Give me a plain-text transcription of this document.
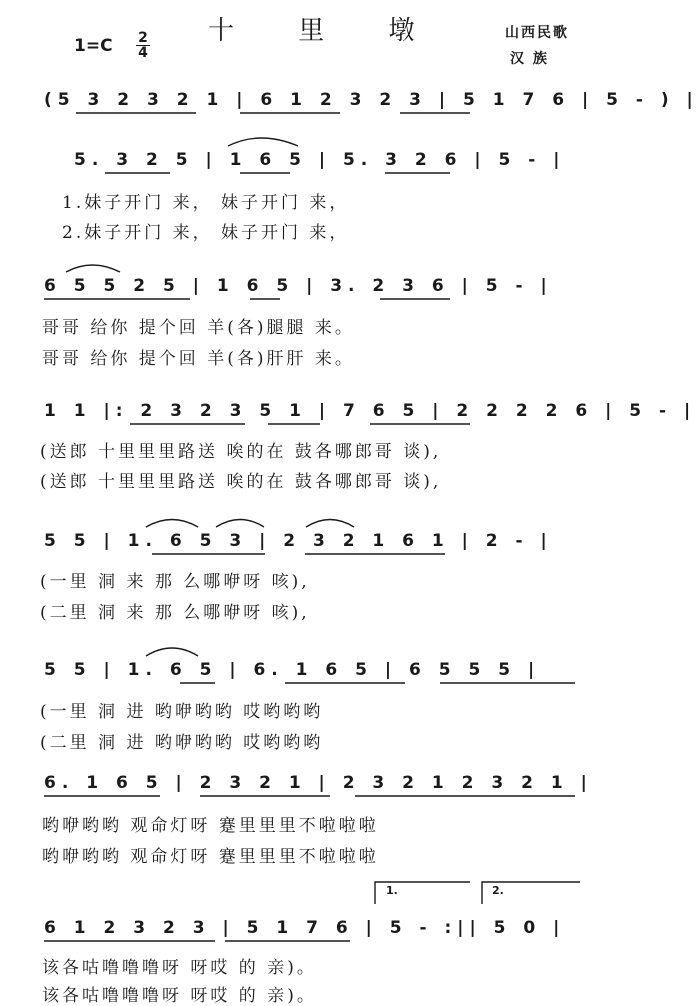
十 里 墩
$1=C \frac{2}{4}$	山西民歌
汉 族
(5 3 2 3 2 1 | 6 1 2 3 2 3 | 5 1 7 6 | 5 - ) |
5. 3 2 5 | 1 6 5 | 5. 3 2 6 | 5 - |
1.妹子开门 来， 妹子开门 来，
2.妹子开门 来， 妹子开门 来，
6 5 5 2 5 | 1 6 5 | 3. 2 3 6 | 5 - |
哥哥 给你 提个回 羊(各)腿腿 来。
哥哥 给你 提个回 羊(各)肝肝 来。
1 1 |: 2 3 2 3 5 1 | 7 6 5 | 2 2 2 2 6 | 5 - |
(送郎 十里里里路送 唉的在 鼓各哪郎哥 谈),
(送郎 十里里里路送 唉的在 鼓各哪郎哥 谈),
5 5 | 1. 6 5 3 | 2 3 2 1 6 1 | 2 - |
(一里 洞 来 那 么哪咿呀 咳),
(二里 洞 来 那 么哪咿呀 咳),
5 5 | 1. 6 5 | 6. 1 6 5 | 6 5 5 5 |
(一里 洞 进 哟咿哟哟 哎哟哟哟
(二里 洞 进 哟咿哟哟 哎哟哟哟
6. 1 6 5 | 2 3 2 1 | 2 3 2 1 2 3 2 1 |
哟咿哟哟 观命灯呀 蹇里里里不啦啦啦
哟咿哟哟 观命灯呀 蹇里里里不啦啦啦
1.	2.
6 1 2 3 2 3 | 5 1 7 6 | 5 - :|| 5 0 |
该各咕噜噜噜呀 呀哎 的 亲)。
该各咕噜噜噜呀 呀哎 的 亲)。
